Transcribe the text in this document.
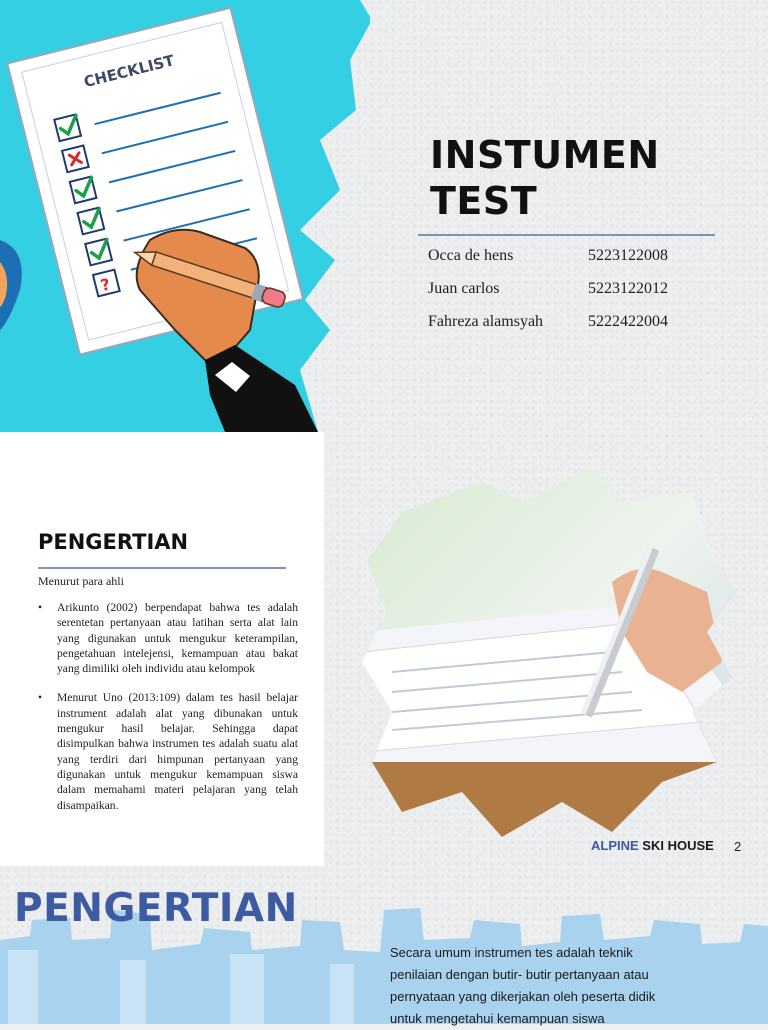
CHECKLIST
?
INSTUMEN
TEST
Occa de hens	5223122008
Juan carlos	5223122012
Fahreza alamsyah	5222422004
PENGERTIAN
Menurut para ahli
• Arikunto (2002) berpendapat bahwa tes adalah serentetan pertanyaan atau latihan serta alat lain yang digunakan untuk mengukur keterampilan, pengetahuan intelejensi, kemampuan atau bakat yang dimiliki oleh individu atau kelompok
• Menurut Uno (2013:109) dalam tes hasil belajar instrument adalah alat yang dibunakan untuk mengukur hasil belajar. Sehingga dapat disimpulkan bahwa instrumen tes adalah suatu alat yang terdiri dari himpunan pertanyaan yang digunakan untuk mengukur kemampuan siswa dalam memahami materi pelajaran yang telah disampaikan.
ALPINE SKI HOUSE 2
PENGERTIAN
Secara umum instrumen tes adalah teknik
penilaian dengan butir- butir pertanyaan atau
pernyataan yang dikerjakan oleh peserta didik
untuk mengetahui kemampuan siswa
